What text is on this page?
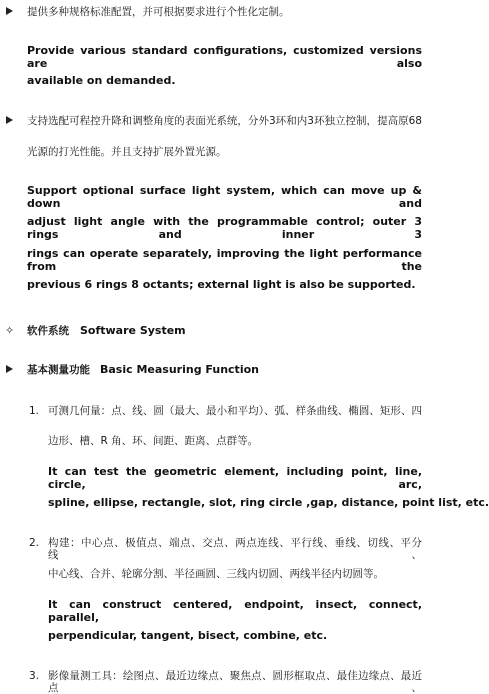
提供多种规格标准配置，并可根据要求进行个性化定制。
Provide various standard configurations, customized versions are also
available on demanded.
支持选配可程控升降和调整角度的表面光系统，分外3环和内3环独立控制，提高原68
光源的打光性能。并且支持扩展外置光源。
Support optional surface light system, which can move up & down and
adjust light angle with the programmable control; outer 3 rings and inner 3
rings can operate separately, improving the light performance from the
previous 6 rings 8 octants; external light is also be supported.
✧ 软件系统 Software System
基本测量功能 Basic Measuring Function
1. 可测几何量：点、线、圆（最大、最小和平均）、弧、样条曲线、椭圆、矩形、四
边形、槽、R 角、环、间距、距离、点群等。
It can test the geometric element, including point, line, circle, arc,
spline, ellipse, rectangle, slot, ring circle ,gap, distance, point list, etc.
2. 构建：中心点、极值点、端点、交点、两点连线、平行线、垂线、切线、平分线、
中心线、合并、轮廓分割、半径画圆、三线内切圆、两线半径内切圆等。
It can construct centered, endpoint, insect, connect, parallel,
perpendicular, tangent, bisect, combine, etc.
3. 影像量测工具：绘图点、最近边缘点、聚焦点、圆形框取点、最佳边缘点、最近点、
